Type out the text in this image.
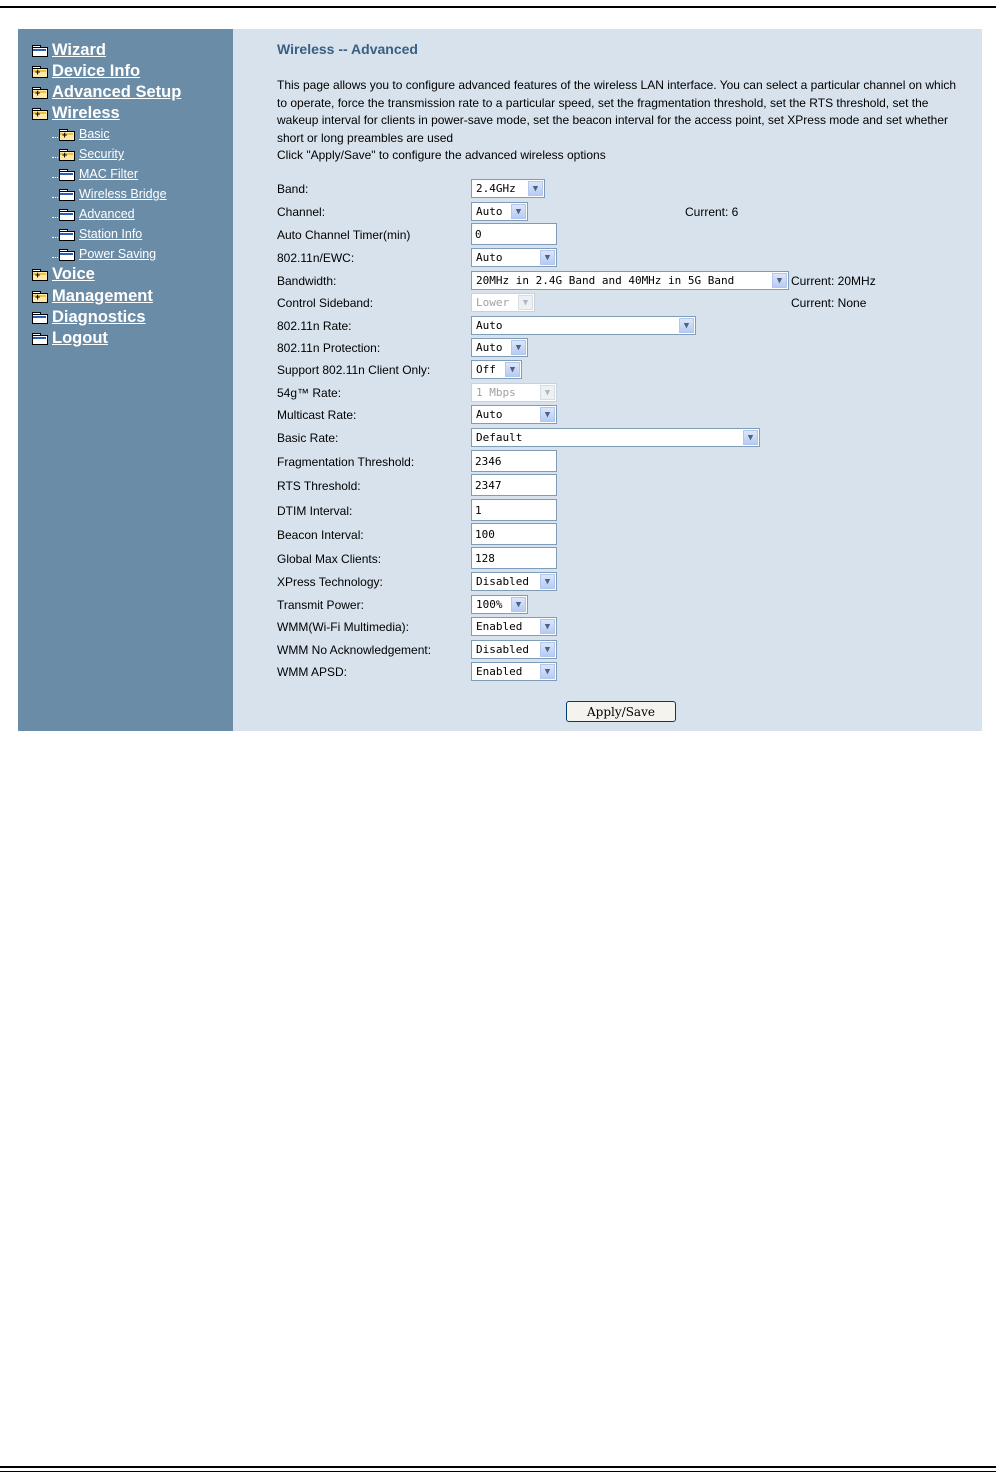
Wizard
+ Device Info
+ Advanced Setup
+ Wireless
+ Basic
+ Security
MAC Filter
Wireless Bridge
Advanced
Station Info
Power Saving
+ Voice
+ Management
Diagnostics
Logout
Wireless -- Advanced
This page allows you to configure advanced features of the wireless LAN interface. You can select a particular channel on which to operate, force the transmission rate to a particular speed, set the fragmentation threshold, set the RTS threshold, set the wakeup interval for clients in power-save mode, set the beacon interval for the access point, set XPress mode and set whether short or long preambles are used
Click "Apply/Save" to configure the advanced wireless options
Band:	2.4GHz	▼
Channel:	Auto	▼	Current: 6
Auto Channel Timer(min)	0
802.11n/EWC:	Auto	▼
Bandwidth:	20MHz in 2.4G Band and 40MHz in 5G Band	▼ Current: 20MHz
Control Sideband:	Lower	▼	Current: None
802.11n Rate:	Auto	▼
802.11n Protection:	Auto	▼
Support 802.11n Client Only:	Off	▼
54g™ Rate:	1 Mbps	▼
Multicast Rate:	Auto	▼
Basic Rate:	Default	▼
Fragmentation Threshold:	2346
RTS Threshold:	2347
DTIM Interval:	1
Beacon Interval:	100
Global Max Clients:	128
XPress Technology:	Disabled	▼
Transmit Power:	100%	▼
WMM(Wi-Fi Multimedia):	Enabled	▼
WMM No Acknowledgement:	Disabled	▼
WMM APSD:	Enabled	▼
Apply/Save
